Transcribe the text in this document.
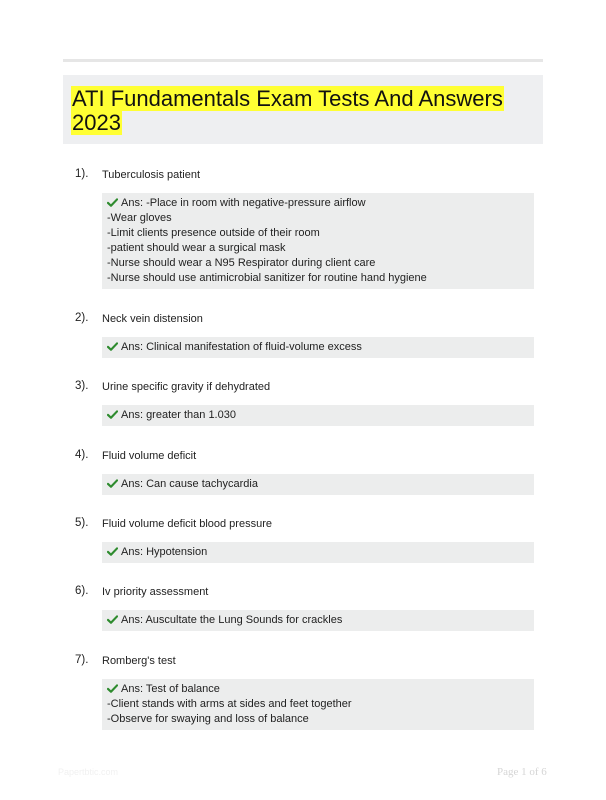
ATI Fundamentals Exam Tests And Answers 2023
1). Tuberculosis patient
Ans: -Place in room with negative-pressure airflow
-Wear gloves
-Limit clients presence outside of their room
-patient should wear a surgical mask
-Nurse should wear a N95 Respirator during client care
-Nurse should use antimicrobial sanitizer for routine hand hygiene
2). Neck vein distension
Ans: Clinical manifestation of fluid-volume excess
3). Urine specific gravity if dehydrated
Ans: greater than 1.030
4). Fluid volume deficit
Ans: Can cause tachycardia
5). Fluid volume deficit blood pressure
Ans: Hypotension
6). Iv priority assessment
Ans: Auscultate the Lung Sounds for crackles
7). Romberg's test
Ans: Test of balance
-Client stands with arms at sides and feet together
-Observe for swaying and loss of balance
Papertbtic.com	Page 1 of 6
